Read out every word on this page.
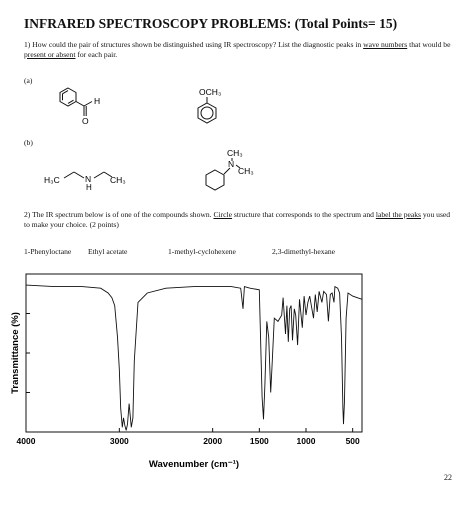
INFRARED SPECTROSCOPY PROBLEMS: (Total Points= 15)
1) How could the pair of structures shown be distinguished using IR spectroscopy? List the diagnostic peaks in wave numbers that would be present or absent for each pair.
(a)
(b)
H
O
OCH₃
H₃C	N
H
CH₃
CH₃
N
CH₃
2) The IR spectrum below is of one of the compounds shown. Circle structure that corresponds to the spectrum and label the peaks you used to make your choice. (2 points)
1-Phenyloctane Ethyl acetate	1-methyl-cyclohexene	2,3-dimethyl-hexane
4000	3000	2000	1500	1000	500
Wavenumber (cm⁻¹)
Transmittance (%)
22
